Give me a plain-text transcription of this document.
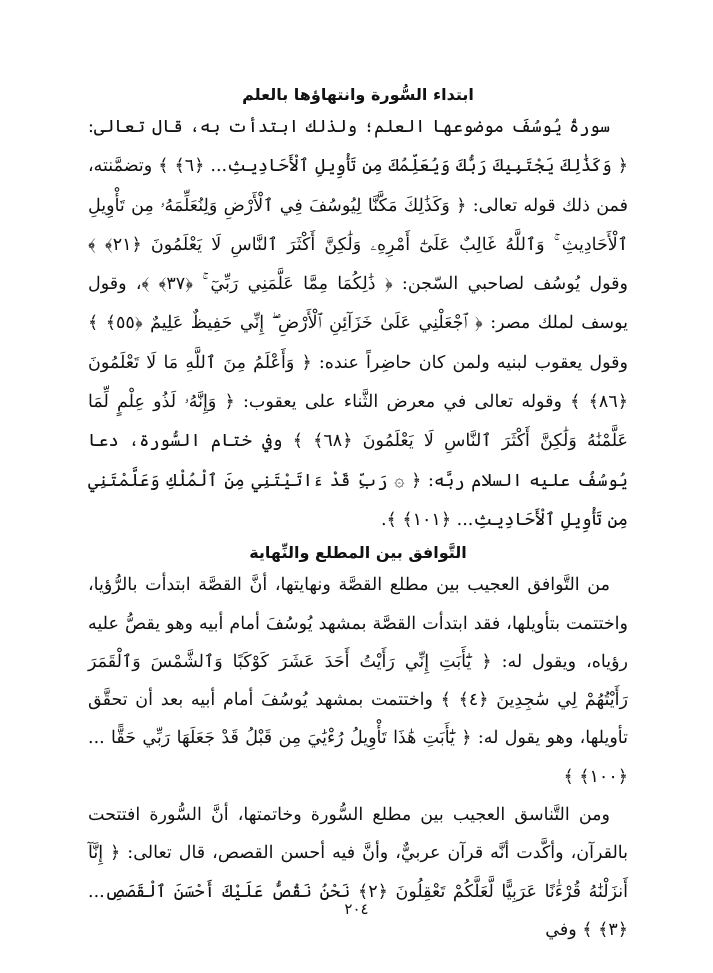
ابتداء السُّورة وانتهاؤها بالعلم

سورةُ يُوسُفَ موضوعها العلم؛ ولذلك ابتدأت به، قال تعالى: ﴿ وَكَذَٰلِكَ يَجْتَبِيكَ رَبُّكَ وَيُعَلِّمُكَ مِن تَأْوِيلِ ٱلْأَحَادِيثِ... ﴿٦﴾ ﴾ وتضمَّنته، فمن ذلك قوله تعالى: ﴿ وَكَذَٰلِكَ مَكَّنَّا لِيُوسُفَ فِي ٱلْأَرْضِ وَلِنُعَلِّمَهُۥ مِن تَأْوِيلِ ٱلْأَحَادِيثِ ۚ وَٱللَّهُ غَالِبٌ عَلَىٰٓ أَمْرِهِۦ وَلَٰكِنَّ أَكْثَرَ ٱلنَّاسِ لَا يَعْلَمُونَ ﴿٢١﴾ ﴾ وقول يُوسُف لصاحبي السّجن: ﴿ ذَٰلِكُمَا مِمَّا عَلَّمَنِي رَبِّيٓ ۚ ﴿٣٧﴾ ﴾، وقول يوسف لملك مصر: ﴿ ٱجْعَلْنِي عَلَىٰ خَزَآئِنِ ٱلْأَرْضِ ۖ إِنِّي حَفِيظٌ عَلِيمٌ ﴿٥٥﴾ ﴾ وقول يعقوب لبنيه ولمن كان حاضِراً عنده: ﴿ وَأَعْلَمُ مِنَ ٱللَّهِ مَا لَا تَعْلَمُونَ ﴿٨٦﴾ ﴾ وقوله تعالى في معرض الثَّناء على يعقوب: ﴿ وَإِنَّهُۥ لَذُو عِلْمٍ لِّمَا عَلَّمْنَٰهُ وَلَٰكِنَّ أَكْثَرَ ٱلنَّاسِ لَا يَعْلَمُونَ ﴿٦٨﴾ ﴾ وفي ختام السُّورة، دعا يُوسُفُ عليه السلام ربَّه: ﴿ ۞ رَبِّ قَدْ ءَاتَيْتَنِي مِنَ ٱلْمُلْكِ وَعَلَّمْتَنِي مِن تَأْوِيلِ ٱلْأَحَادِيثِ... ﴿١٠١﴾ ﴾.

التَّوافق بين المطلع والنِّهاية

من التَّوافق العجيب بين مطلع القصَّة ونهايتها، أنَّ القصَّة ابتدأت بالرُّؤيا، واختتمت بتأويلها، فقد ابتدأت القصَّة بمشهد يُوسُفَ أمام أبيه وهو يقصُّ عليه رؤياه، ويقول له: ﴿ يَٰٓأَبَتِ إِنِّي رَأَيْتُ أَحَدَ عَشَرَ كَوْكَبًا وَٱلشَّمْسَ وَٱلْقَمَرَ رَأَيْتُهُمْ لِي سَٰجِدِينَ ﴿٤﴾ ﴾ واختتمت بمشهد يُوسُفَ أمام أبيه بعد أن تحقَّق تأويلها، وهو يقول له: ﴿ يَٰٓأَبَتِ هَٰذَا تَأْوِيلُ رُءْيَٰيَ مِن قَبْلُ قَدْ جَعَلَهَا رَبِّي حَقًّا ... ﴿١٠٠﴾ ﴾

ومن التَّناسق العجيب بين مطلع السُّورة وخاتمتها، أنَّ السُّورة افتتحت بالقرآن، وأكَّدت أنَّه قرآن عربيٌّ، وأنَّ فيه أحسن القصص، قال تعالى: ﴿ إِنَّآ أَنزَلْنَٰهُ قُرْءَٰنًا عَرَبِيًّا لَّعَلَّكُمْ تَعْقِلُونَ ﴿٢﴾ نَحْنُ نَقُصُّ عَلَيْكَ أَحْسَنَ ٱلْقَصَصِ... ﴿٣﴾ ﴾ وفي

٢٠٤
